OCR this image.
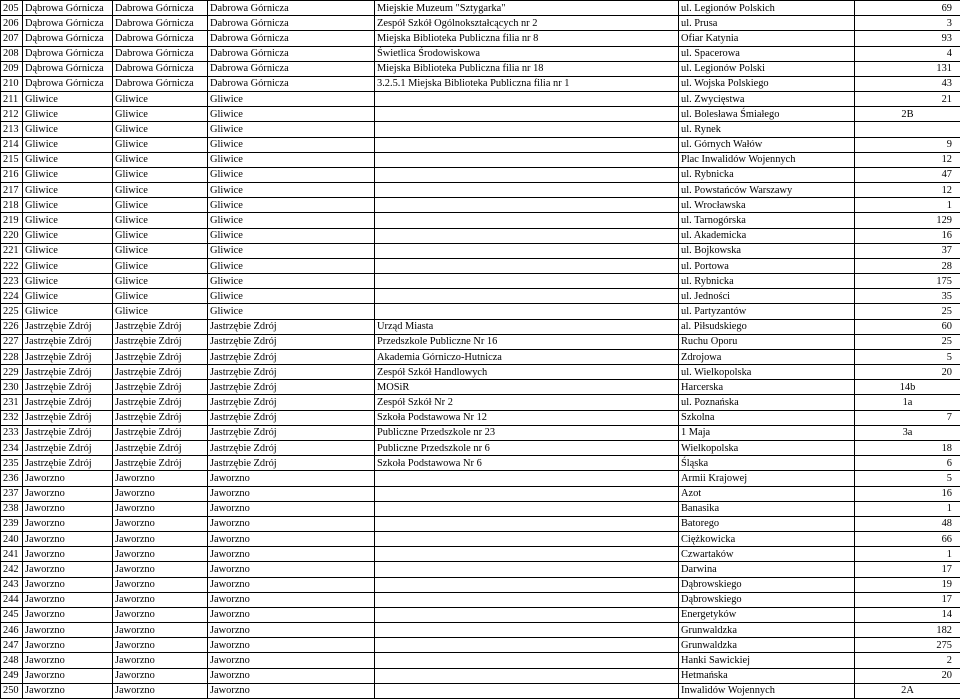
205	Dąbrowa Górnicza	Dabrowa Górnicza	Dabrowa Górnicza	Miejskie Muzeum "Sztygarka"	ul. Legionów Polskich	69
206	Dąbrowa Górnicza	Dabrowa Górnicza	Dabrowa Górnicza	Zespół Szkół Ogólnokształcących nr 2	ul. Prusa	3
207	Dąbrowa Górnicza	Dabrowa Górnicza	Dabrowa Górnicza	Miejska Biblioteka Publiczna filia nr 8	Ofiar Katynia	93
208	Dąbrowa Górnicza	Dabrowa Górnicza	Dabrowa Górnicza	Świetlica Środowiskowa	ul. Spacerowa	4
209	Dąbrowa Górnicza	Dabrowa Górnicza	Dabrowa Górnicza	Miejska Biblioteka Publiczna filia nr 18	ul. Legionów Polski	131
210	Dąbrowa Górnicza	Dabrowa Górnicza	Dabrowa Górnicza	3.2.5.1 Miejska Biblioteka Publiczna filia nr 1	ul. Wojska Polskiego	43
211	Gliwice	Gliwice	Gliwice		ul. Zwycięstwa	21
212	Gliwice	Gliwice	Gliwice		ul. Bolesława Śmiałego	2B
213	Gliwice	Gliwice	Gliwice		ul. Rynek	
214	Gliwice	Gliwice	Gliwice		ul. Górnych Wałów	9
215	Gliwice	Gliwice	Gliwice		Plac Inwalidów Wojennych	12
216	Gliwice	Gliwice	Gliwice		ul. Rybnicka	47
217	Gliwice	Gliwice	Gliwice		ul. Powstańców Warszawy	12
218	Gliwice	Gliwice	Gliwice		ul. Wrocławska	1
219	Gliwice	Gliwice	Gliwice		ul. Tarnogórska	129
220	Gliwice	Gliwice	Gliwice		ul. Akademicka	16
221	Gliwice	Gliwice	Gliwice		ul. Bojkowska	37
222	Gliwice	Gliwice	Gliwice		ul. Portowa	28
223	Gliwice	Gliwice	Gliwice		ul. Rybnicka	175
224	Gliwice	Gliwice	Gliwice		ul. Jedności	35
225	Gliwice	Gliwice	Gliwice		ul. Partyzantów	25
226	Jastrzębie Zdrój	Jastrzębie Zdrój	Jastrzębie Zdrój	Urząd Miasta	al. Piłsudskiego	60
227	Jastrzębie Zdrój	Jastrzębie Zdrój	Jastrzębie Zdrój	Przedszkole Publiczne Nr 16	Ruchu Oporu	25
228	Jastrzębie Zdrój	Jastrzębie Zdrój	Jastrzębie Zdrój	Akademia Górniczo-Hutnicza	Zdrojowa	5
229	Jastrzębie Zdrój	Jastrzębie Zdrój	Jastrzębie Zdrój	Zespół Szkół Handlowych	ul. Wielkopolska	20
230	Jastrzębie Zdrój	Jastrzębie Zdrój	Jastrzębie Zdrój	MOSiR	Harcerska	14b
231	Jastrzębie Zdrój	Jastrzębie Zdrój	Jastrzębie Zdrój	Zespół Szkół Nr 2	ul. Poznańska	1a
232	Jastrzębie Zdrój	Jastrzębie Zdrój	Jastrzębie Zdrój	Szkoła Podstawowa Nr 12	Szkolna	7
233	Jastrzębie Zdrój	Jastrzębie Zdrój	Jastrzębie Zdrój	Publiczne Przedszkole nr 23	1 Maja	3a
234	Jastrzębie Zdrój	Jastrzębie Zdrój	Jastrzębie Zdrój	Publiczne Przedszkole nr 6	Wielkopolska	18
235	Jastrzębie Zdrój	Jastrzębie Zdrój	Jastrzębie Zdrój	Szkoła Podstawowa Nr 6	Śląska	6
236	Jaworzno	Jaworzno	Jaworzno		Armii Krajowej	5
237	Jaworzno	Jaworzno	Jaworzno		Azot	16
238	Jaworzno	Jaworzno	Jaworzno		Banasika	1
239	Jaworzno	Jaworzno	Jaworzno		Batorego	48
240	Jaworzno	Jaworzno	Jaworzno		Ciężkowicka	66
241	Jaworzno	Jaworzno	Jaworzno		Czwartaków	1
242	Jaworzno	Jaworzno	Jaworzno		Darwina	17
243	Jaworzno	Jaworzno	Jaworzno		Dąbrowskiego	19
244	Jaworzno	Jaworzno	Jaworzno		Dąbrowskiego	17
245	Jaworzno	Jaworzno	Jaworzno		Energetyków	14
246	Jaworzno	Jaworzno	Jaworzno		Grunwaldzka	182
247	Jaworzno	Jaworzno	Jaworzno		Grunwaldzka	275
248	Jaworzno	Jaworzno	Jaworzno		Hanki Sawickiej	2
249	Jaworzno	Jaworzno	Jaworzno		Hetmańska	20
250	Jaworzno	Jaworzno	Jaworzno		Inwalidów Wojennych	2A
